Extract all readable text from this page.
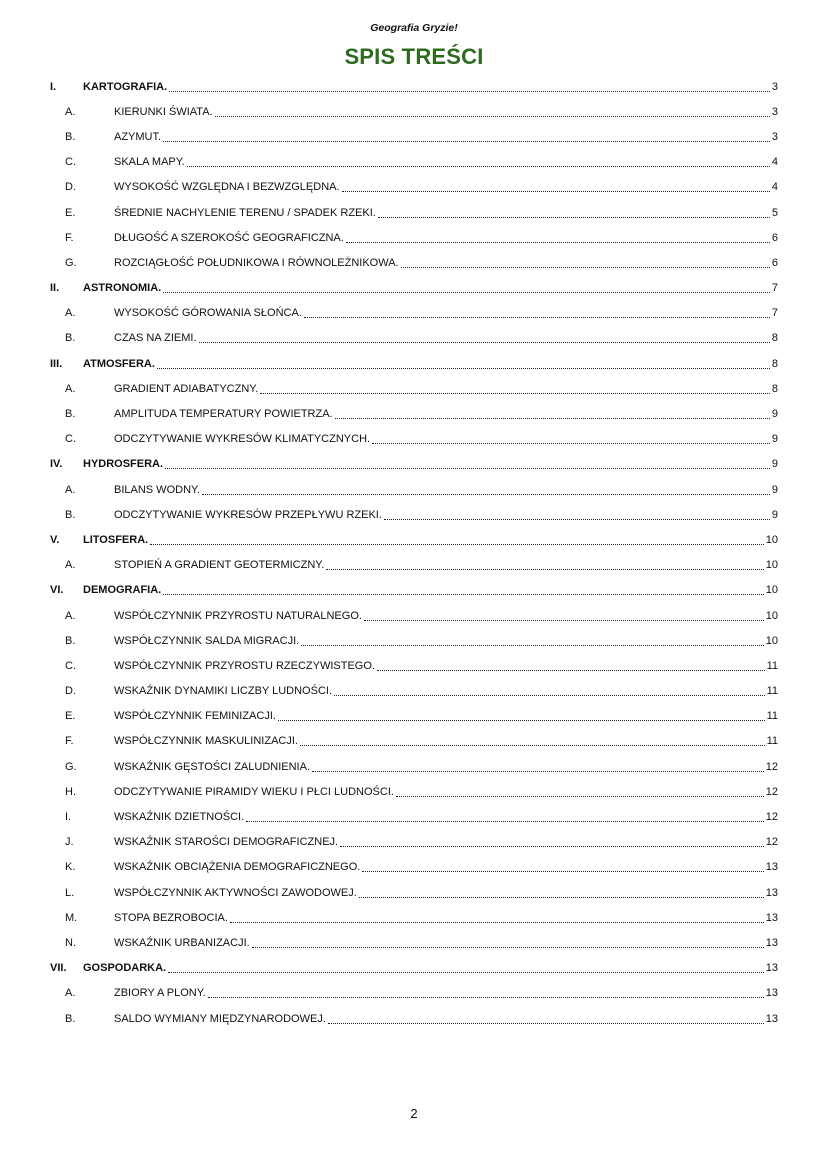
Geografia Gryzie!
SPIS TREŚCI
I.	KARTOGRAFIA.	3
A.	KIERUNKI ŚWIATA.	3
B.	AZYMUT.	3
C.	SKALA MAPY.	4
D.	WYSOKOŚĆ WZGLĘDNA I BEZWZGLĘDNA.	4
E.	ŚREDNIE NACHYLENIE TERENU / SPADEK RZEKI.	5
F.	DŁUGOŚĆ A SZEROKOŚĆ GEOGRAFICZNA.	6
G.	ROZCIĄGŁOŚĆ POŁUDNIKOWA I RÓWNOLEŻNIKOWA.	6
II.	ASTRONOMIA.	7
A.	WYSOKOŚĆ GÓROWANIA SŁOŃCA.	7
B.	CZAS NA ZIEMI.	8
III.	ATMOSFERA.	8
A.	GRADIENT ADIABATYCZNY.	8
B.	AMPLITUDA TEMPERATURY POWIETRZA.	9
C.	ODCZYTYWANIE WYKRESÓW KLIMATYCZNYCH.	9
IV.	HYDROSFERA.	9
A.	BILANS WODNY.	9
B.	ODCZYTYWANIE WYKRESÓW PRZEPŁYWU RZEKI.	9
V.	LITOSFERA.	10
A.	STOPIEŃ A GRADIENT GEOTERMICZNY.	10
VI.	DEMOGRAFIA.	10
A.	WSPÓŁCZYNNIK PRZYROSTU NATURALNEGO.	10
B.	WSPÓŁCZYNNIK SALDA MIGRACJI.	10
C.	WSPÓŁCZYNNIK PRZYROSTU RZECZYWISTEGO.	11
D.	WSKAŹNIK DYNAMIKI LICZBY LUDNOŚCI.	11
E.	WSPÓŁCZYNNIK FEMINIZACJI.	11
F.	WSPÓŁCZYNNIK MASKULINIZACJI.	11
G.	WSKAŹNIK GĘSTOŚCI ZALUDNIENIA.	12
H.	ODCZYTYWANIE PIRAMIDY WIEKU I PŁCI LUDNOŚCI.	12
I.	WSKAŹNIK DZIETNOŚCI.	12
J.	WSKAŹNIK STAROŚCI DEMOGRAFICZNEJ.	12
K.	WSKAŹNIK OBCIĄŻENIA DEMOGRAFICZNEGO.	13
L.	WSPÓŁCZYNNIK AKTYWNOŚCI ZAWODOWEJ.	13
M.	STOPA BEZROBOCIA.	13
N.	WSKAŹNIK URBANIZACJI.	13
VII.	GOSPODARKA.	13
A.	ZBIORY A PLONY.	13
B.	SALDO WYMIANY MIĘDZYNARODOWEJ.	13
2
